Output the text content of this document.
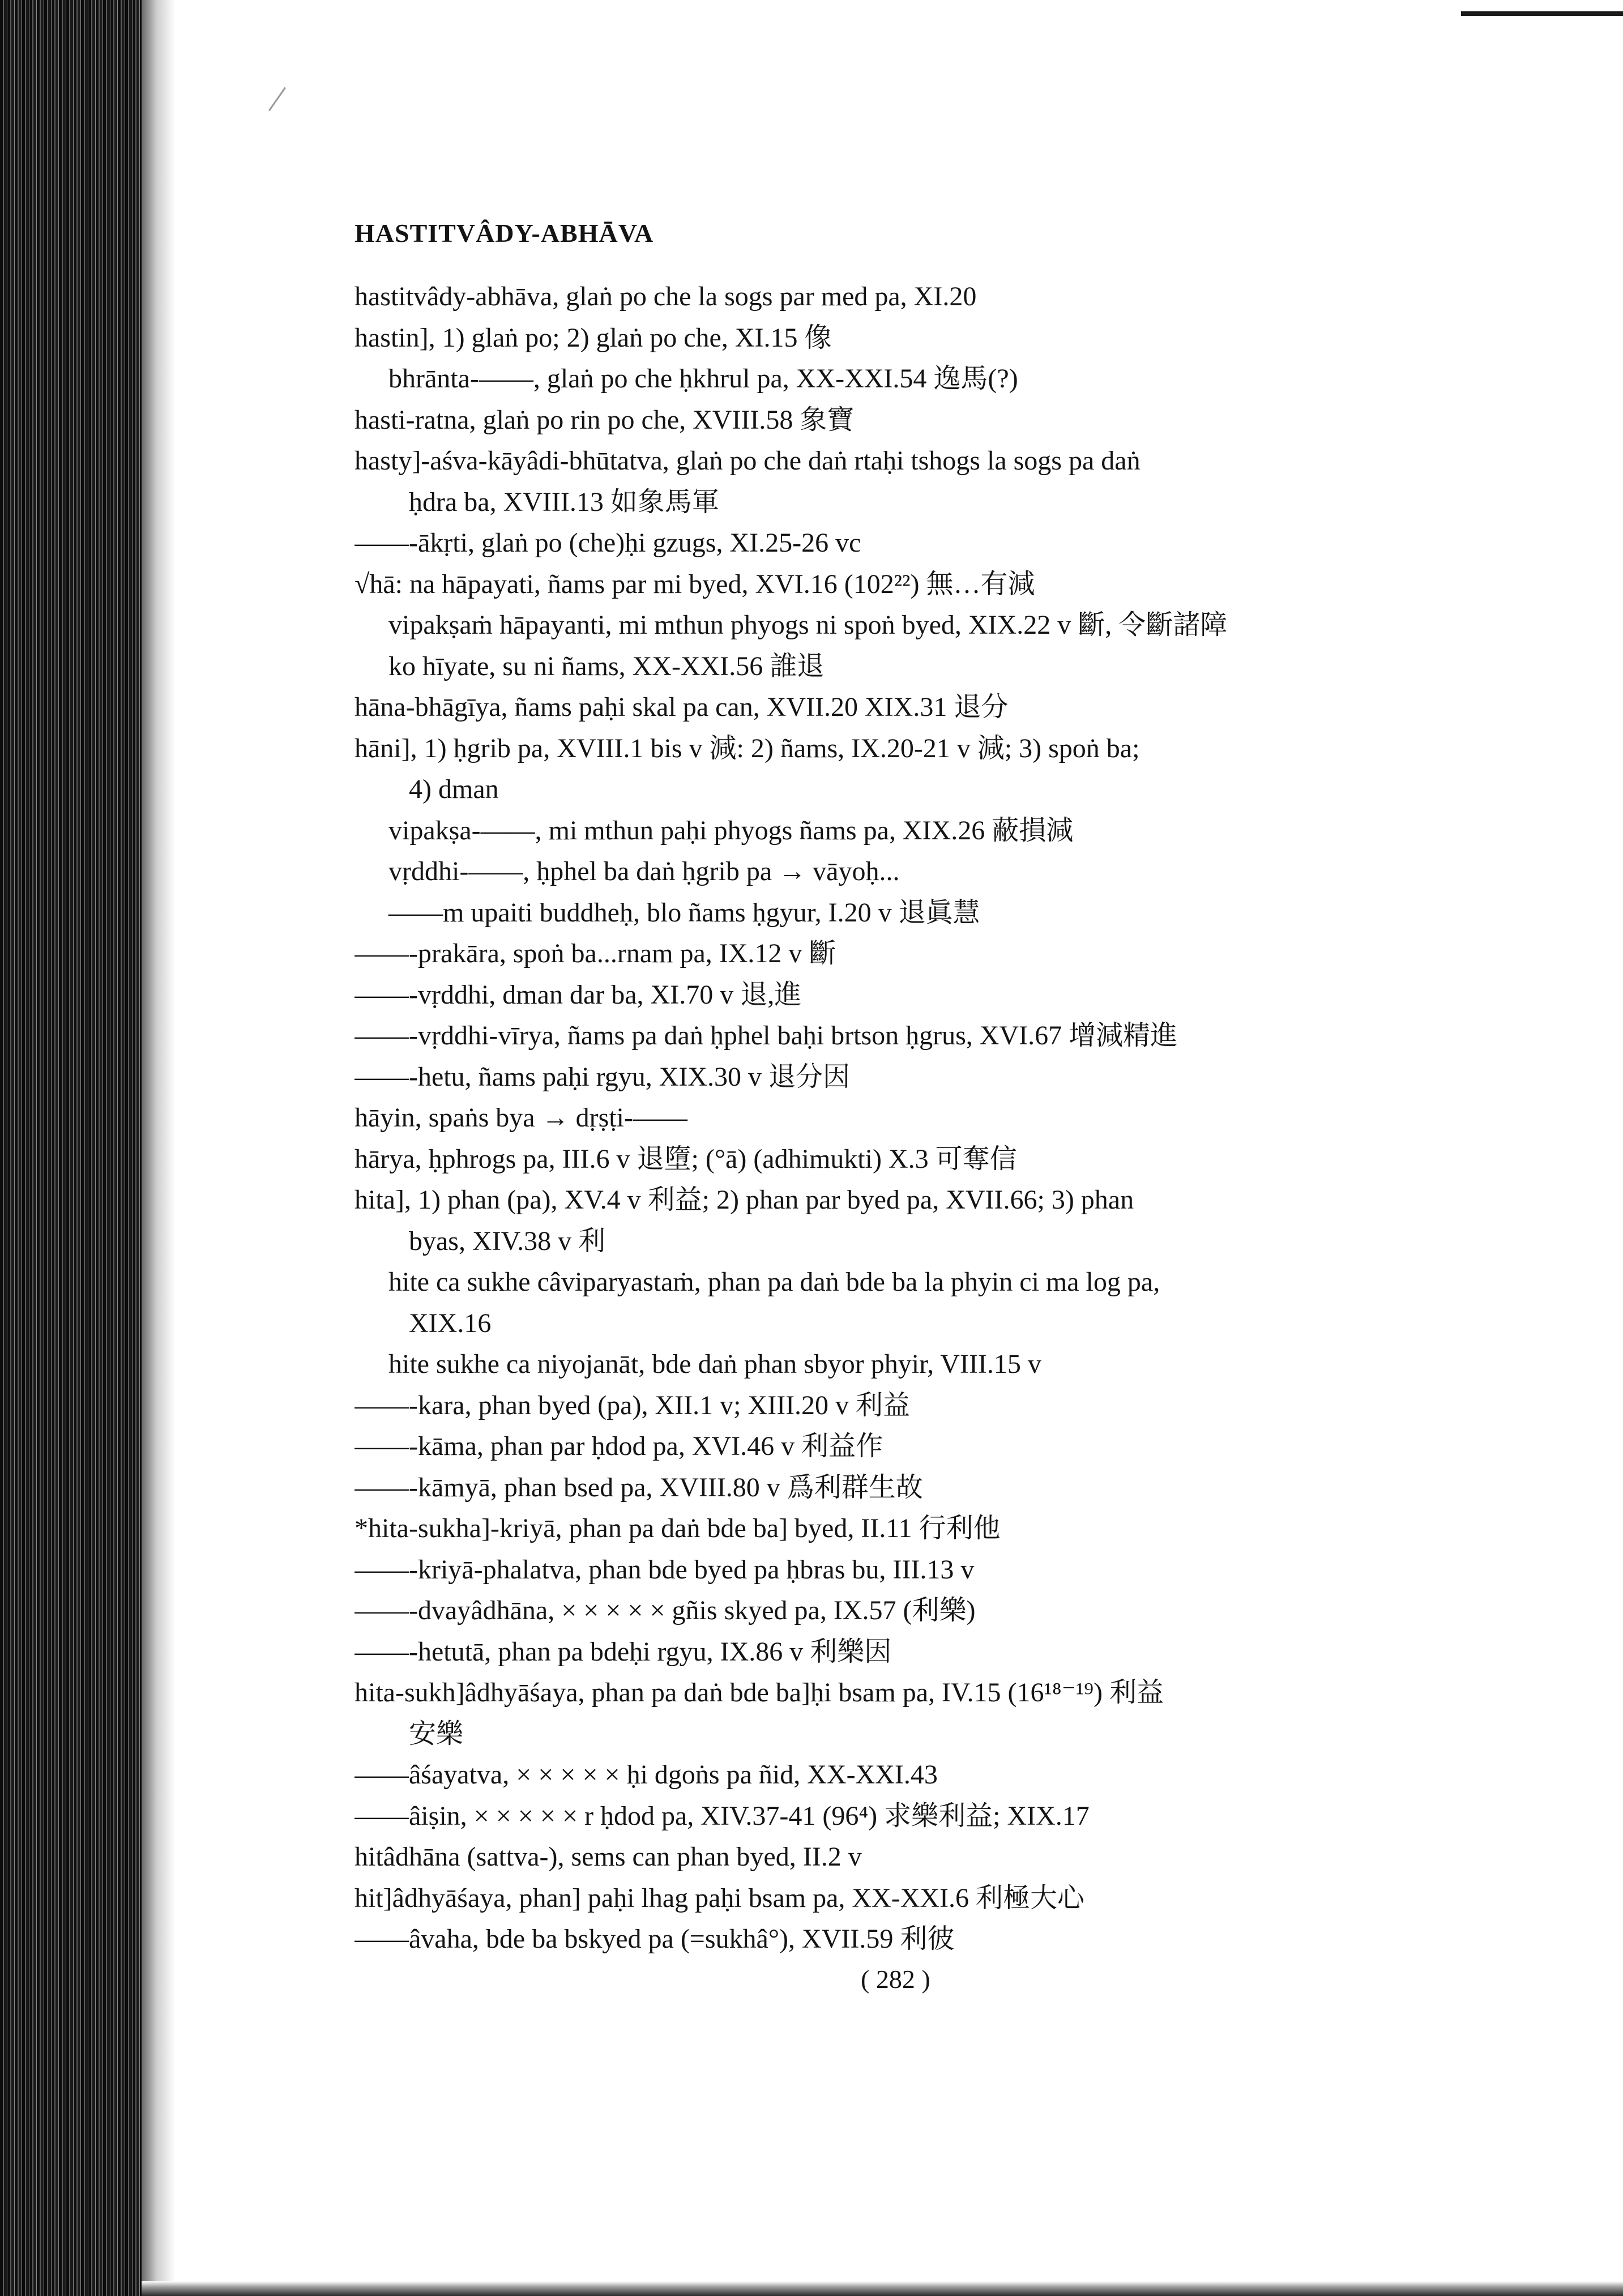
HASTITVÂDY-ABHĀVA
hastitvâdy-abhāva, glaṅ po che la sogs par med pa, XI.20
hastin], 1) glaṅ po; 2) glaṅ po che, XI.15 像
bhrānta-——, glaṅ po che ḥkhrul pa, XX-XXI.54 逸馬(?)
hasti-ratna, glaṅ po rin po che, XVIII.58 象寶
hasty]-aśva-kāyâdi-bhūtatva, glaṅ po che daṅ rtaḥi tshogs la sogs pa daṅ
ḥdra ba, XVIII.13 如象馬軍
——-ākṛti, glaṅ po (che)ḥi gzugs, XI.25-26 vc
√hā: na hāpayati, ñams par mi byed, XVI.16 (102²²) 無…有減
vipakṣaṁ hāpayanti, mi mthun phyogs ni spoṅ byed, XIX.22 v 斷, 令斷諸障
ko hīyate, su ni ñams, XX-XXI.56 誰退
hāna-bhāgīya, ñams paḥi skal pa can, XVII.20 XIX.31 退分
hāni], 1) ḥgrib pa, XVIII.1 bis v 減: 2) ñams, IX.20-21 v 減; 3) spoṅ ba;
4) dman
vipakṣa-——, mi mthun paḥi phyogs ñams pa, XIX.26 蔽損減
vṛddhi-——, ḥphel ba daṅ ḥgrib pa → vāyoḥ...
——m upaiti buddheḥ, blo ñams ḥgyur, I.20 v 退眞慧
——-prakāra, spoṅ ba...rnam pa, IX.12 v 斷
——-vṛddhi, dman dar ba, XI.70 v 退,進
——-vṛddhi-vīrya, ñams pa daṅ ḥphel baḥi brtson ḥgrus, XVI.67 增減精進
——-hetu, ñams paḥi rgyu, XIX.30 v 退分因
hāyin, spaṅs bya → dṛṣṭi-——
hārya, ḥphrogs pa, III.6 v 退墮; (°ā) (adhimukti) X.3 可奪信
hita], 1) phan (pa), XV.4 v 利益; 2) phan par byed pa, XVII.66; 3) phan
byas, XIV.38 v 利
hite ca sukhe câviparyastaṁ, phan pa daṅ bde ba la phyin ci ma log pa,
XIX.16
hite sukhe ca niyojanāt, bde daṅ phan sbyor phyir, VIII.15 v
——-kara, phan byed (pa), XII.1 v; XIII.20 v 利益
——-kāma, phan par ḥdod pa, XVI.46 v 利益作
——-kāmyā, phan bsed pa, XVIII.80 v 爲利群生故
*hita-sukha]-kriyā, phan pa daṅ bde ba] byed, II.11 行利他
——-kriyā-phalatva, phan bde byed pa ḥbras bu, III.13 v
——-dvayâdhāna, × × × × × gñis skyed pa, IX.57 (利樂)
——-hetutā, phan pa bdeḥi rgyu, IX.86 v 利樂因
hita-sukh]âdhyāśaya, phan pa daṅ bde ba]ḥi bsam pa, IV.15 (16¹⁸⁻¹⁹) 利益
安樂
——âśayatva, × × × × × ḥi dgoṅs pa ñid, XX-XXI.43
——âiṣin, × × × × × r ḥdod pa, XIV.37-41 (96⁴) 求樂利益; XIX.17
hitâdhāna (sattva-), sems can phan byed, II.2 v
hit]âdhyāśaya, phan] paḥi lhag paḥi bsam pa, XX-XXI.6 利極大心
——âvaha, bde ba bskyed pa (=sukhâ°), XVII.59 利彼
( 282 )
